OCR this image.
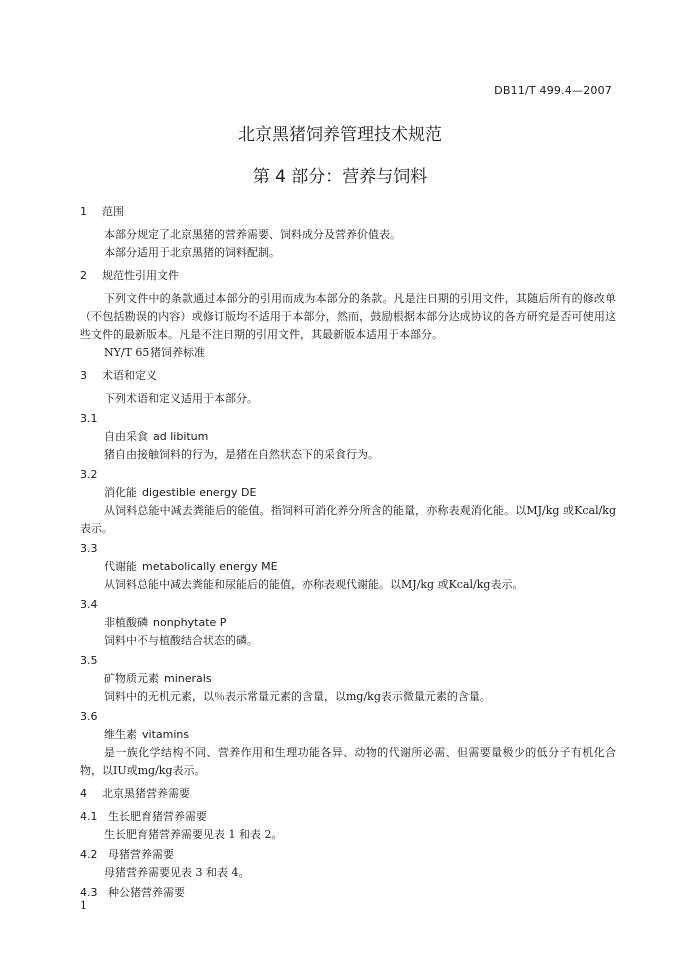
DB11/T 499.4—2007
北京黑猪饲养管理技术规范
第 4 部分：营养与饲料
1 范围

本部分规定了北京黑猪的营养需要、饲料成分及营养价值表。

本部分适用于北京黑猪的饲料配制。

2 规范性引用文件

下列文件中的条款通过本部分的引用而成为本部分的条款。凡是注日期的引用文件，其随后所有的修改单（不包括勘误的内容）或修订版均不适用于本部分，然而，鼓励根据本部分达成协议的各方研究是否可使用这些文件的最新版本。凡是不注日期的引用文件，其最新版本适用于本部分。

NY/T 65猪饲养标准
3 术语和定义

下列术语和定义适用于本部分。

3.1
自由采食 ad libitum

猪自由接触饲料的行为，是猪在自然状态下的采食行为。

3.2
消化能 digestible energy DE

从饲料总能中减去粪能后的能值。指饲料可消化养分所含的能量，亦称表观消化能。以MJ/kg 或Kcal/kg表示。

3.3
代谢能 metabolically energy ME

从饲料总能中减去粪能和尿能后的能值，亦称表观代谢能。以MJ/kg 或Kcal/kg表示。

3.4
非植酸磷 nonphytate P

饲料中不与植酸结合状态的磷。

3.5
矿物质元素 minerals

饲料中的无机元素，以％表示常量元素的含量，以mg/kg表示微量元素的含量。

3.6
维生素 vitamins

是一族化学结构不同、营养作用和生理功能各异、动物的代谢所必需、但需要量极少的低分子有机化合物，以IU或mg/kg表示。

4 北京黑猪营养需要
4.1 生长肥育猪营养需要

生长肥育猪营养需要见表 1 和表 2。

4.2 母猪营养需要

母猪营养需要见表 3 和表 4。

4.3 种公猪营养需要
1
